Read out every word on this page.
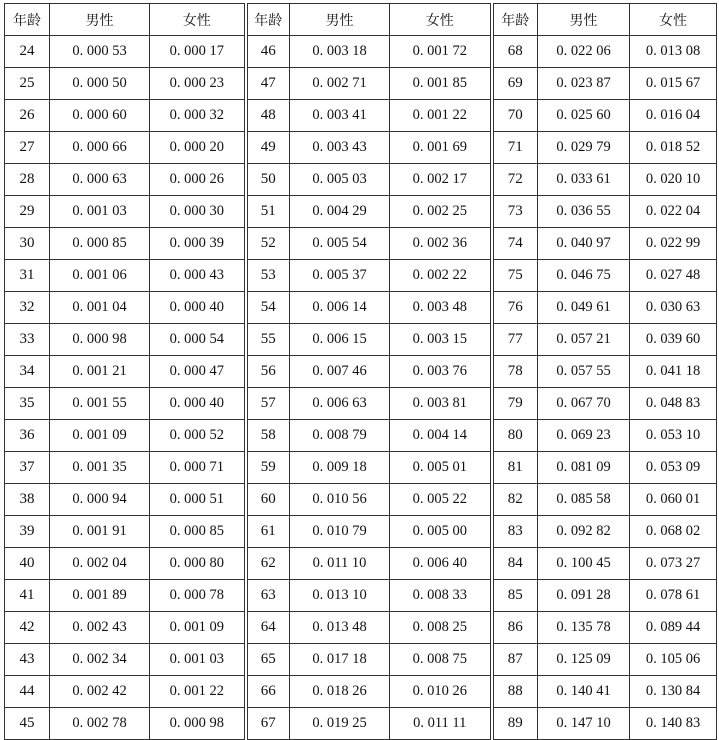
年龄	男性	女性	年龄	男性	女性	年龄	男性	女性
24	0. 000 53	0. 000 17	46	0. 003 18	0. 001 72	68	0. 022 06	0. 013 08
25	0. 000 50	0. 000 23	47	0. 002 71	0. 001 85	69	0. 023 87	0. 015 67
26	0. 000 60	0. 000 32	48	0. 003 41	0. 001 22	70	0. 025 60	0. 016 04
27	0. 000 66	0. 000 20	49	0. 003 43	0. 001 69	71	0. 029 79	0. 018 52
28	0. 000 63	0. 000 26	50	0. 005 03	0. 002 17	72	0. 033 61	0. 020 10
29	0. 001 03	0. 000 30	51	0. 004 29	0. 002 25	73	0. 036 55	0. 022 04
30	0. 000 85	0. 000 39	52	0. 005 54	0. 002 36	74	0. 040 97	0. 022 99
31	0. 001 06	0. 000 43	53	0. 005 37	0. 002 22	75	0. 046 75	0. 027 48
32	0. 001 04	0. 000 40	54	0. 006 14	0. 003 48	76	0. 049 61	0. 030 63
33	0. 000 98	0. 000 54	55	0. 006 15	0. 003 15	77	0. 057 21	0. 039 60
34	0. 001 21	0. 000 47	56	0. 007 46	0. 003 76	78	0. 057 55	0. 041 18
35	0. 001 55	0. 000 40	57	0. 006 63	0. 003 81	79	0. 067 70	0. 048 83
36	0. 001 09	0. 000 52	58	0. 008 79	0. 004 14	80	0. 069 23	0. 053 10
37	0. 001 35	0. 000 71	59	0. 009 18	0. 005 01	81	0. 081 09	0. 053 09
38	0. 000 94	0. 000 51	60	0. 010 56	0. 005 22	82	0. 085 58	0. 060 01
39	0. 001 91	0. 000 85	61	0. 010 79	0. 005 00	83	0. 092 82	0. 068 02
40	0. 002 04	0. 000 80	62	0. 011 10	0. 006 40	84	0. 100 45	0. 073 27
41	0. 001 89	0. 000 78	63	0. 013 10	0. 008 33	85	0. 091 28	0. 078 61
42	0. 002 43	0. 001 09	64	0. 013 48	0. 008 25	86	0. 135 78	0. 089 44
43	0. 002 34	0. 001 03	65	0. 017 18	0. 008 75	87	0. 125 09	0. 105 06
44	0. 002 42	0. 001 22	66	0. 018 26	0. 010 26	88	0. 140 41	0. 130 84
45	0. 002 78	0. 000 98	67	0. 019 25	0. 011 11	89	0. 147 10	0. 140 83
